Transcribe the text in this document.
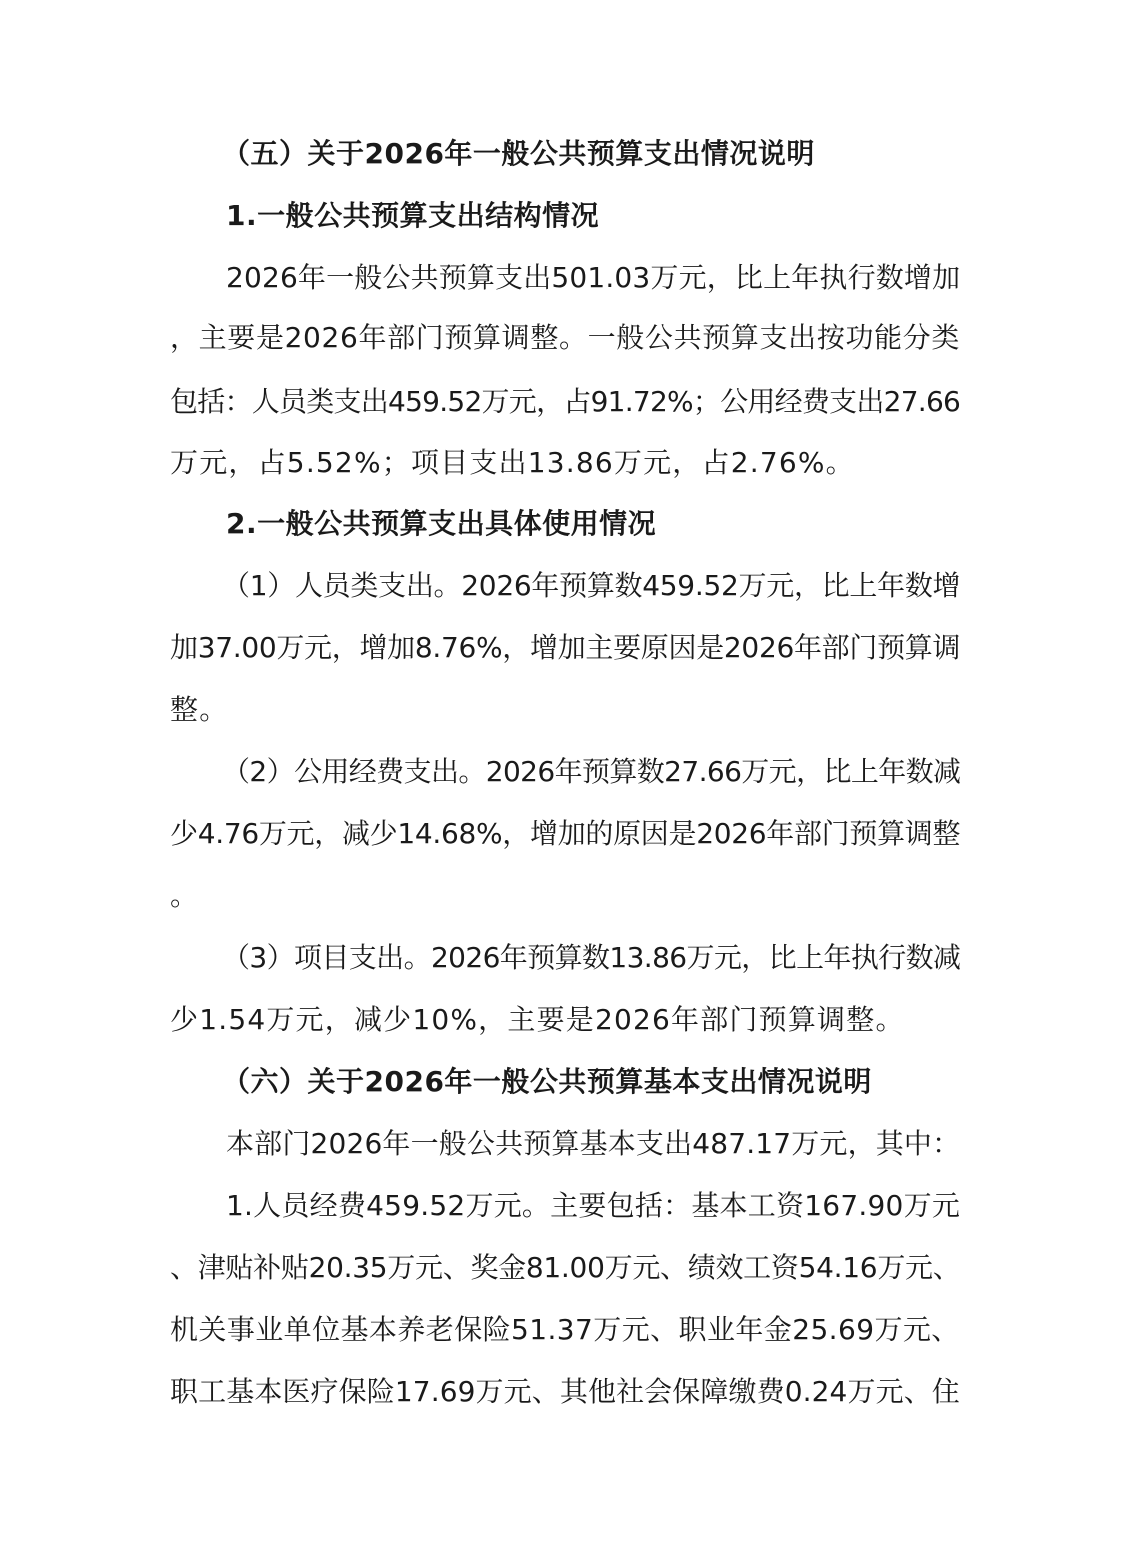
（五）关于2026年一般公共预算支出情况说明
1.一般公共预算支出结构情况
2026年一般公共预算支出501.03万元，比上年执行数增加
，主要是2026年部门预算调整。一般公共预算支出按功能分类
包括：人员类支出459.52万元，占91.72%；公用经费支出27.66
万元，占5.52%；项目支出13.86万元，占2.76%。
2.一般公共预算支出具体使用情况
（1）人员类支出。2026年预算数459.52万元，比上年数增
加37.00万元，增加8.76%，增加主要原因是2026年部门预算调
整。
（2）公用经费支出。2026年预算数27.66万元，比上年数减
少4.76万元，减少14.68%，增加的原因是2026年部门预算调整
。
（3）项目支出。2026年预算数13.86万元，比上年执行数减
少1.54万元，减少10%，主要是2026年部门预算调整。
（六）关于2026年一般公共预算基本支出情况说明
本部门2026年一般公共预算基本支出487.17万元，其中：
1.人员经费459.52万元。主要包括：基本工资167.90万元
、津贴补贴20.35万元、奖金81.00万元、绩效工资54.16万元、
机关事业单位基本养老保险51.37万元、职业年金25.69万元、
职工基本医疗保险17.69万元、其他社会保障缴费0.24万元、住
